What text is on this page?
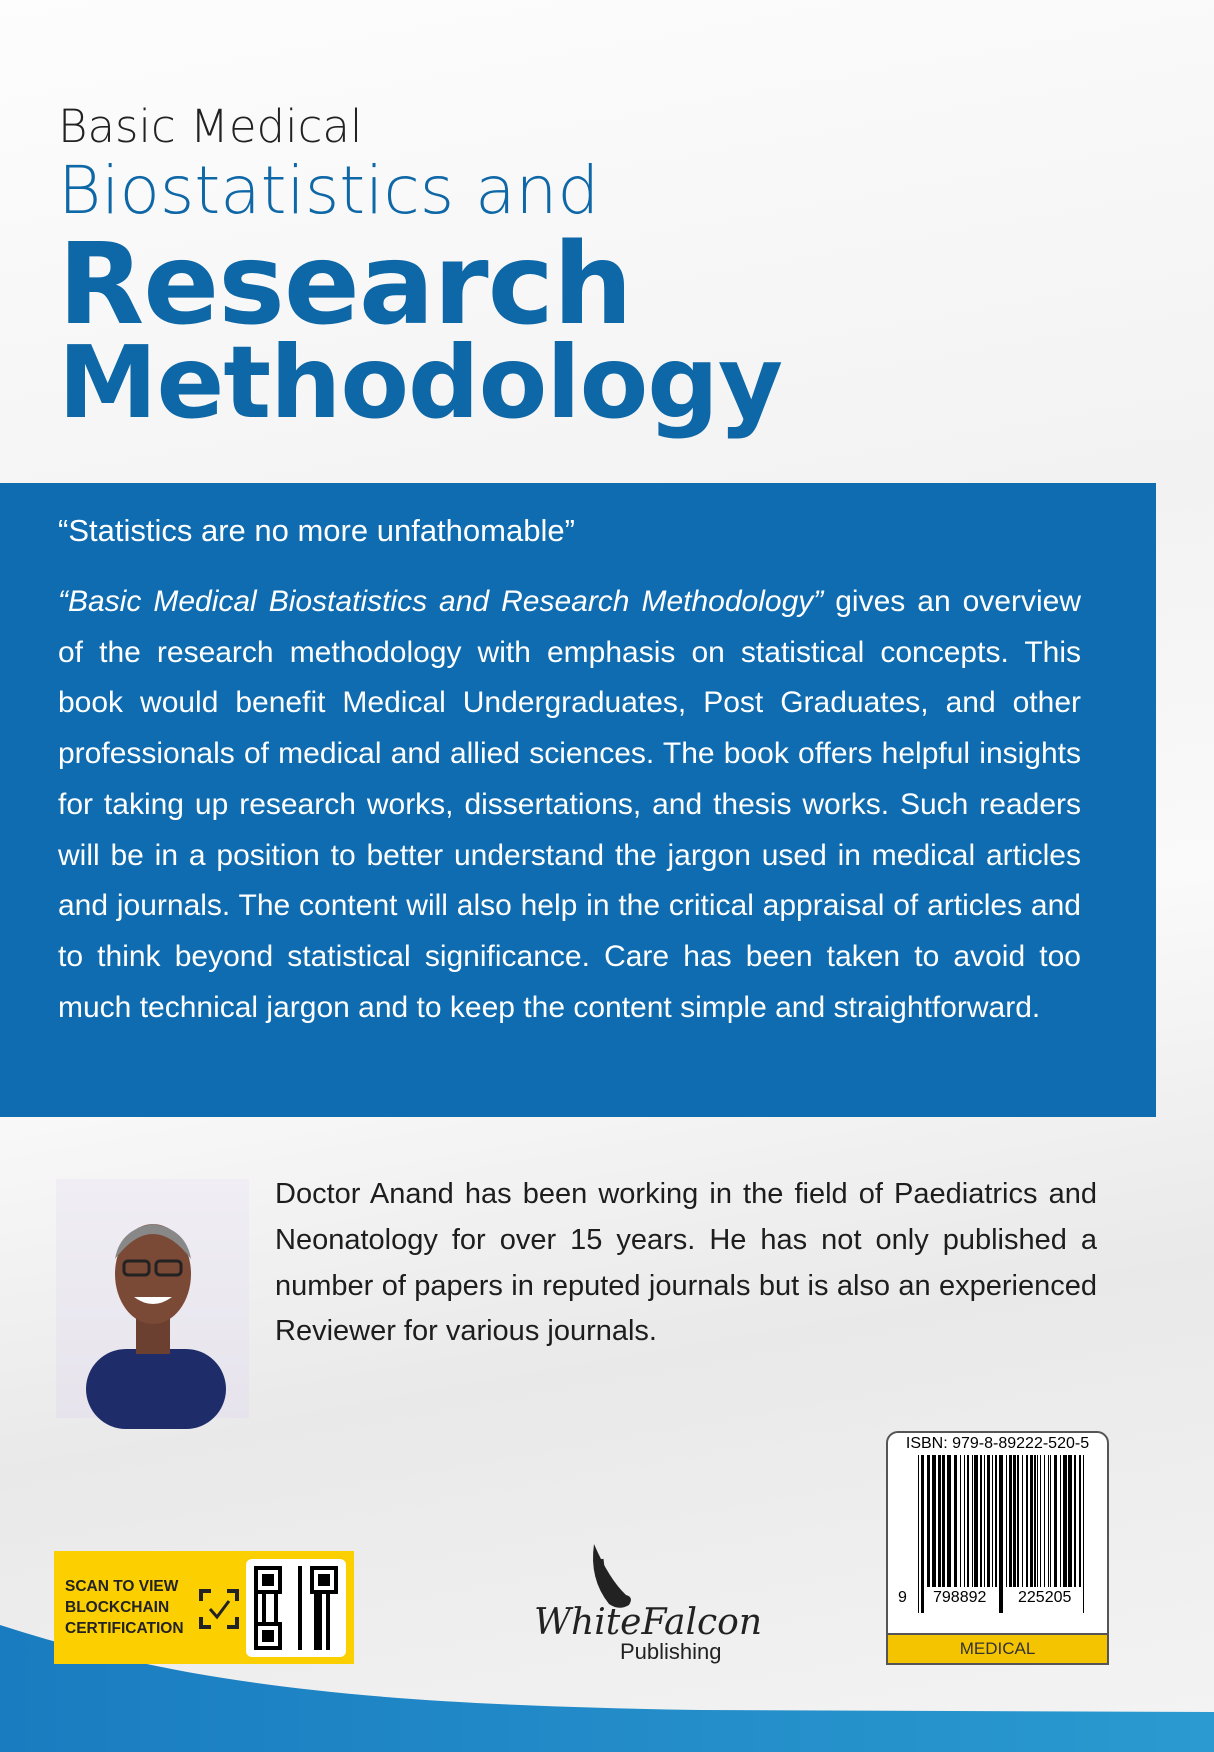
Basic Medical
Biostatistics and
Research
Methodology
“Statistics are no more unfathomable”
“Basic Medical Biostatistics and Research Methodology” gives an overview of the research methodology with emphasis on statistical concepts. This book would benefit Medical Undergraduates, Post Graduates, and other professionals of medical and allied sciences. The book offers helpful insights for taking up research works, dissertations, and thesis works. Such readers will be in a position to better understand the jargon used in medical articles and journals. The content will also help in the critical appraisal of articles and to think beyond statistical significance. Care has been taken to avoid too much technical jargon and to keep the content simple and straightforward.
Doctor Anand has been working in the field of Paediatrics and Neonatology for over 15 years. He has not only published a number of papers in reputed journals but is also an experienced Reviewer for various journals.
ISBN: 979-8-89222-520-5
9 798892 225205
MEDICAL
SCAN TO VIEW
BLOCKCHAIN
CERTIFICATION	WhiteFalcon
Publishing
